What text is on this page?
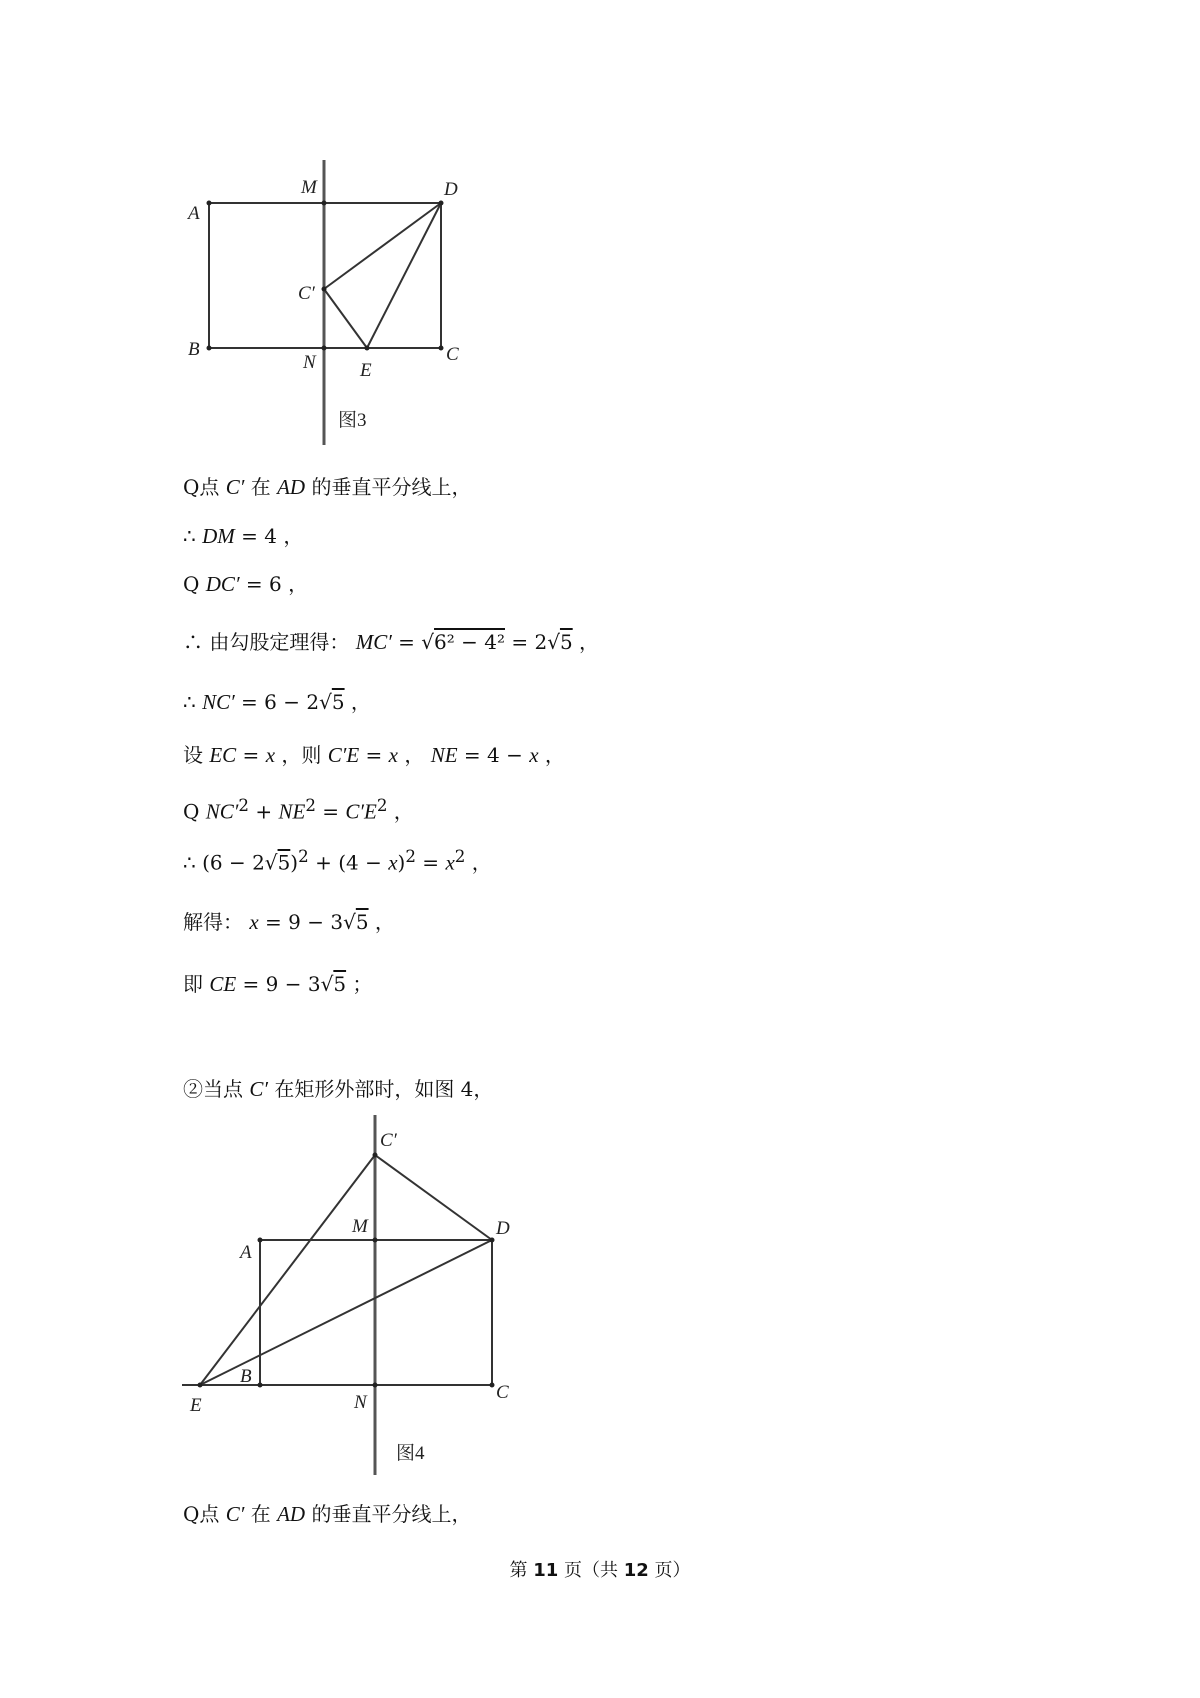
A
M	D
C′
B
N E
C
图3
Q点 C′ 在 AD 的垂直平分线上，
∴ DM = 4 ，
Q DC′ = 6 ，
∴ 由勾股定理得： MC′ = √6² − 4² = 2√5 ，
∴ NC′ = 6 − 2√5 ，
设 EC = x ，则 C′E = x ， NE = 4 − x ，
Q $NC'^2 + NE^2 = C'E^2$ ，
∴ $(6 - 2√5)^2 + (4 - x)^2 = x^2$ ，
解得： x = 9 − 3√5 ，
即 CE = 9 − 3√5 ；
②当点 C′ 在矩形外部时，如图 4，
C′
A
M	D
E
B
N	C
图4
Q点 C′ 在 AD 的垂直平分线上，
第 11 页（共 12 页）
